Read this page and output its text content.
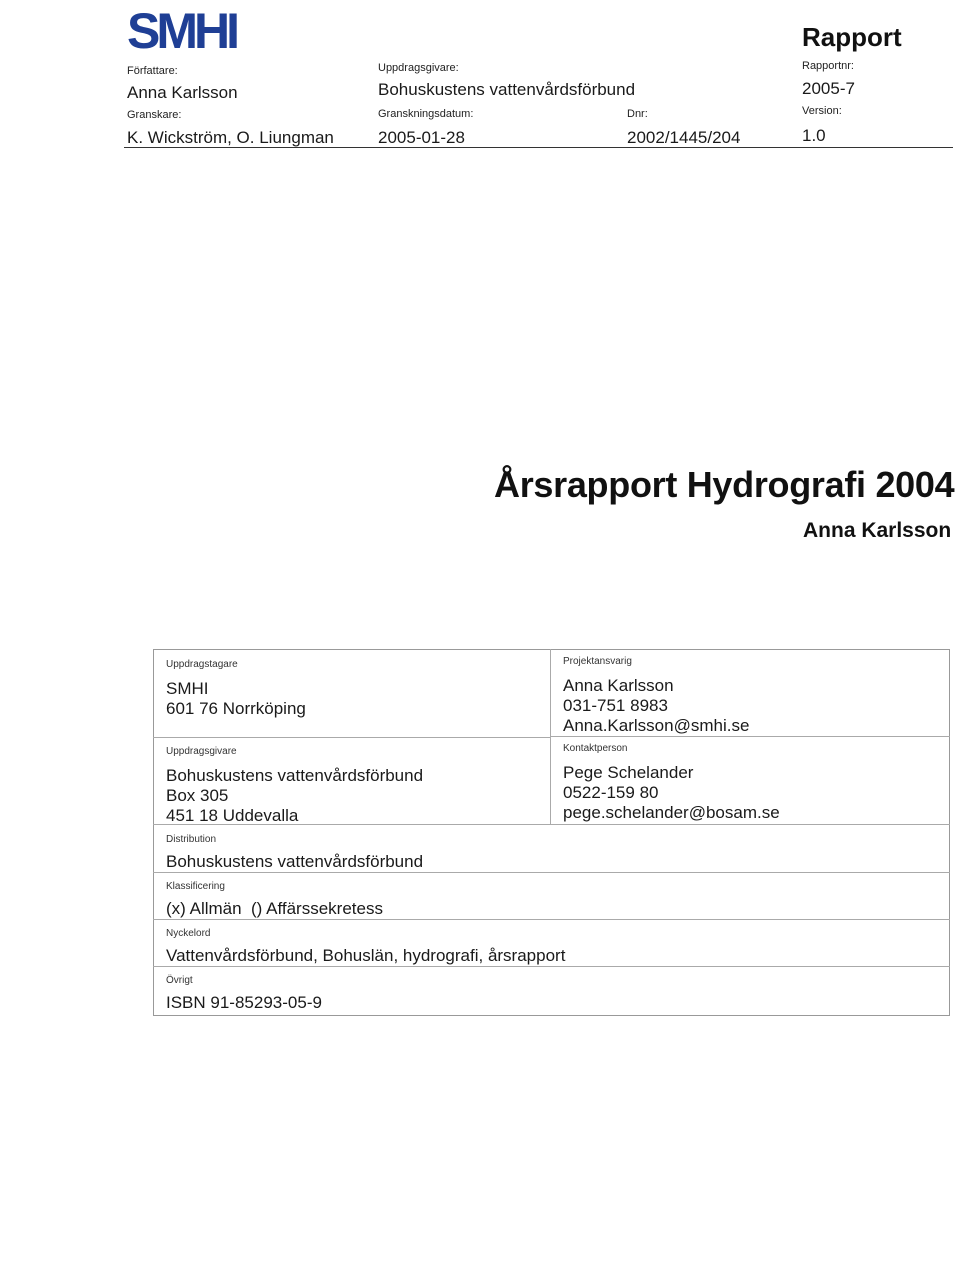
SMHI	Rapport
Författare:
Anna Karlsson
Granskare:
K. Wickström, O. Liungman
Uppdragsgivare:
Bohuskustens vattenvårdsförbund
Granskningsdatum:
2005-01-28
Dnr:
2002/1445/204
Rapportnr:
2005-7
Version:
1.0
Årsrapport Hydrografi 2004
Anna Karlsson
Uppdragstagare
SMHI
601 76 Norrköping
Projektansvarig
Anna Karlsson
031-751 8983
Anna.Karlsson@smhi.se
Uppdragsgivare
Bohuskustens vattenvårdsförbund
Box 305
451 18 Uddevalla
Kontaktperson
Pege Schelander
0522-159 80
pege.schelander@bosam.se
Distribution
Bohuskustens vattenvårdsförbund
Klassificering
(x) Allmän  () Affärssekretess
Nyckelord
Vattenvårdsförbund, Bohuslän, hydrografi, årsrapport
Övrigt
ISBN 91-85293-05-9
